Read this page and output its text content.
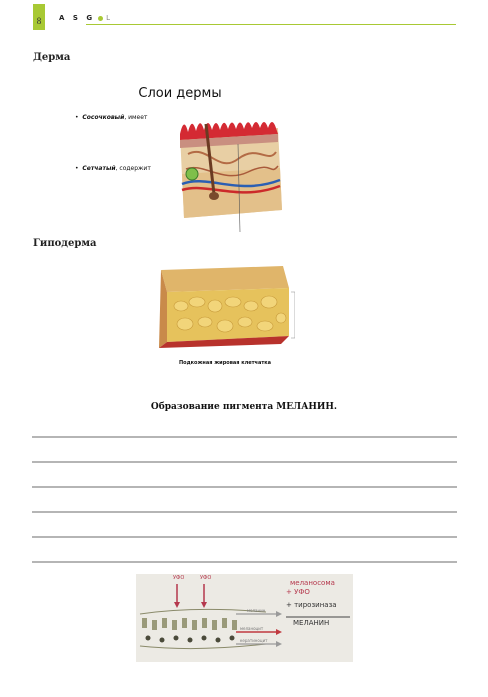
8	A S G L
Дерма
Слои дермы
•  Сосочковый, имеет
•  Сетчатый, содержит
Гиподерма
Подкожная жировая клетчатка
Образование пигмента МЕЛАНИН.
УФО	УФО
меланин
меланоцит
кератиноцит
меланосома
+ УФО
+ тирозиназа
МЕЛАНИН
